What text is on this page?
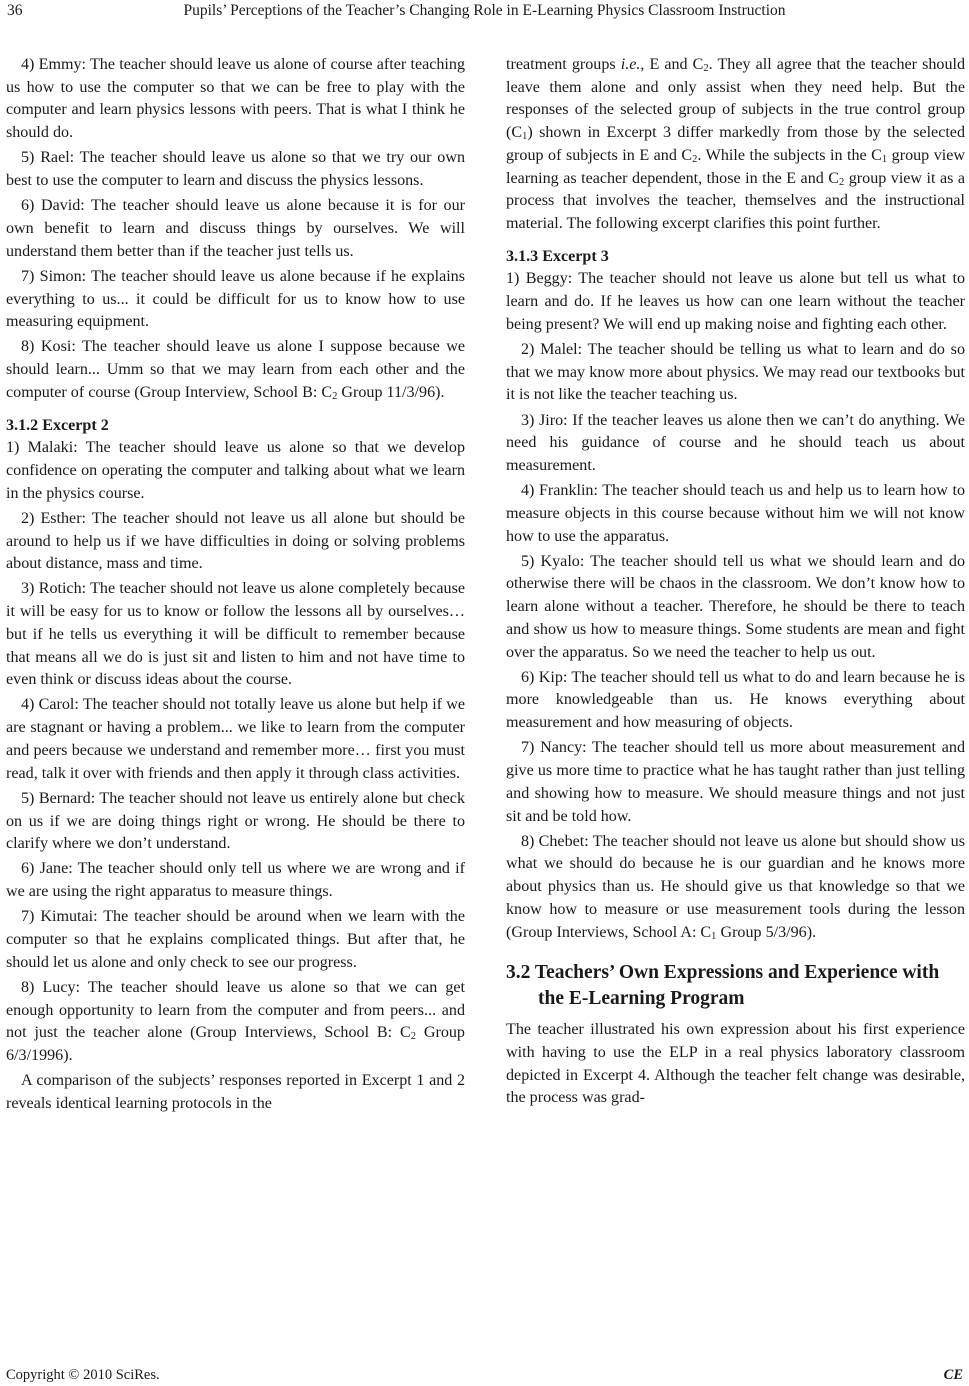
36	Pupils’ Perceptions of the Teacher’s Changing Role in E-Learning Physics Classroom Instruction

4) Emmy: The teacher should leave us alone of course after teaching us how to use the computer so that we can be free to play with the computer and learn physics lessons with peers. That is what I think he should do.

5) Rael: The teacher should leave us alone so that we try our own best to use the computer to learn and discuss the physics lessons.

6) David: The teacher should leave us alone because it is for our own benefit to learn and discuss things by ourselves. We will understand them better than if the teacher just tells us.

7) Simon: The teacher should leave us alone because if he explains everything to us... it could be difficult for us to know how to use measuring equipment.

8) Kosi: The teacher should leave us alone I suppose because we should learn... Umm so that we may learn from each other and the computer of course (Group Interview, School B: $C_2$ Group 11/3/96).

3.1.2 Excerpt 2

1) Malaki: The teacher should leave us alone so that we develop confidence on operating the computer and talking about what we learn in the physics course.

2) Esther: The teacher should not leave us all alone but should be around to help us if we have difficulties in doing or solving problems about distance, mass and time.

3) Rotich: The teacher should not leave us alone completely because it will be easy for us to know or follow the lessons all by ourselves… but if he tells us everything it will be difficult to remember because that means all we do is just sit and listen to him and not have time to even think or discuss ideas about the course.

4) Carol: The teacher should not totally leave us alone but help if we are stagnant or having a problem... we like to learn from the computer and peers because we understand and remember more… first you must read, talk it over with friends and then apply it through class activities.

5) Bernard: The teacher should not leave us entirely alone but check on us if we are doing things right or wrong. He should be there to clarify where we don’t understand.

6) Jane: The teacher should only tell us where we are wrong and if we are using the right apparatus to measure things.

7) Kimutai: The teacher should be around when we learn with the computer so that he explains complicated things. But after that, he should let us alone and only check to see our progress.

8) Lucy: The teacher should leave us alone so that we can get enough opportunity to learn from the computer and from peers... and not just the teacher alone (Group Interviews, School B: $C_2$ Group 6/3/1996).

A comparison of the subjects’ responses reported in Excerpt 1 and 2 reveals identical learning protocols in the

treatment groups i.e., E and $C_2$. They all agree that the teacher should leave them alone and only assist when they need help. But the responses of the selected group of subjects in the true control group $(C_1)$ shown in Excerpt 3 differ markedly from those by the selected group of subjects in E and $C_2$. While the subjects in the $C_1$ group view learning as teacher dependent, those in the E and $C_2$ group view it as a process that involves the teacher, themselves and the instructional material. The following excerpt clarifies this point further.

3.1.3 Excerpt 3

1) Beggy: The teacher should not leave us alone but tell us what to learn and do. If he leaves us how can one learn without the teacher being present? We will end up making noise and fighting each other.

2) Malel: The teacher should be telling us what to learn and do so that we may know more about physics. We may read our textbooks but it is not like the teacher teaching us.

3) Jiro: If the teacher leaves us alone then we can’t do anything. We need his guidance of course and he should teach us about measurement.

4) Franklin: The teacher should teach us and help us to learn how to measure objects in this course because without him we will not know how to use the apparatus.

5) Kyalo: The teacher should tell us what we should learn and do otherwise there will be chaos in the classroom. We don’t know how to learn alone without a teacher. Therefore, he should be there to teach and show us how to measure things. Some students are mean and fight over the apparatus. So we need the teacher to help us out.

6) Kip: The teacher should tell us what to do and learn because he is more knowledgeable than us. He knows everything about measurement and how measuring of objects.

7) Nancy: The teacher should tell us more about measurement and give us more time to practice what he has taught rather than just telling and showing how to measure. We should measure things and not just sit and be told how.

8) Chebet: The teacher should not leave us alone but should show us what we should do because he is our guardian and he knows more about physics than us. He should give us that knowledge so that we know how to measure or use measurement tools during the lesson (Group Interviews, School A: $C_1$ Group 5/3/96).

3.2 Teachers’ Own Expressions and Experience with the E-Learning Program

The teacher illustrated his own expression about his first experience with having to use the ELP in a real physics laboratory classroom depicted in Excerpt 4. Although the teacher felt change was desirable, the process was grad-

Copyright © 2010 SciRes.	CE
